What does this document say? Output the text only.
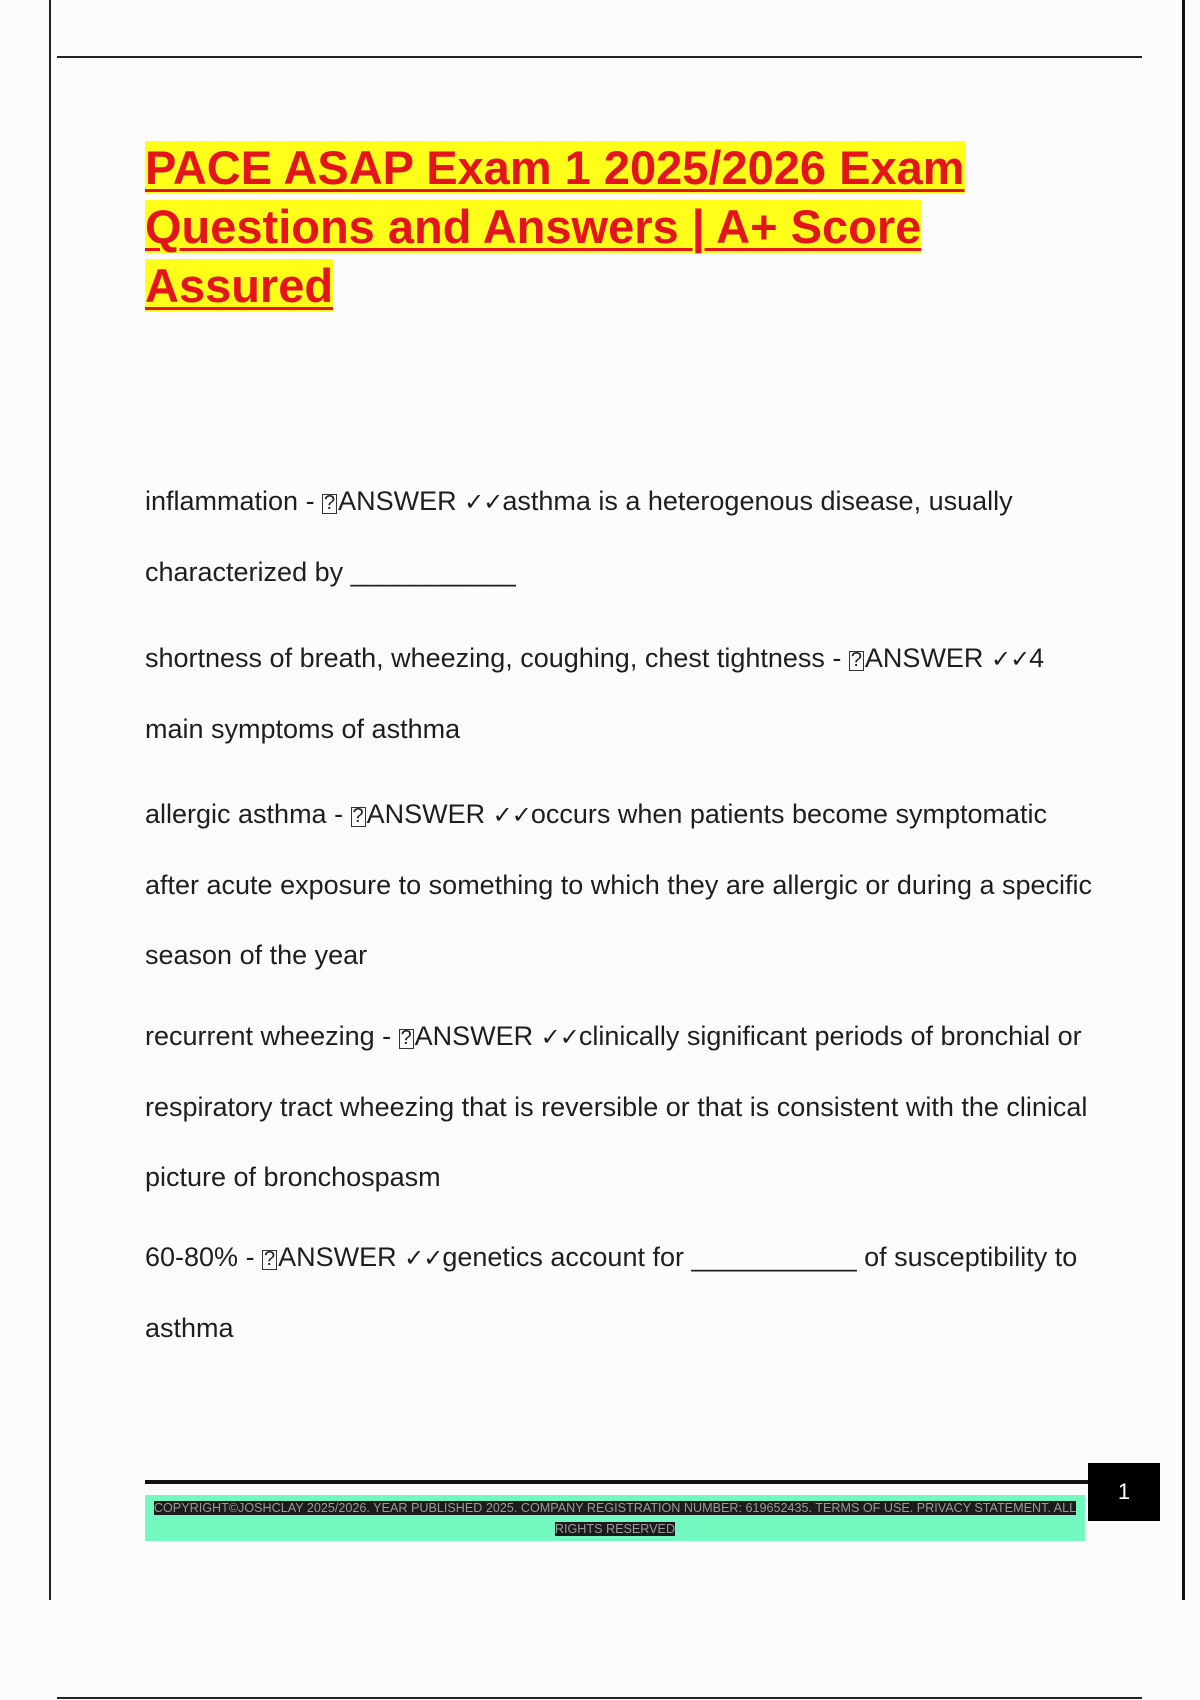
PACE ASAP Exam 1 2025/2026 Exam Questions and Answers | A+ Score Assured

inflammation - ? ANSWER ✓✓asthma is a heterogenous disease, usually characterized by ___________

shortness of breath, wheezing, coughing, chest tightness - ? ANSWER ✓✓4 main symptoms of asthma

allergic asthma - ? ANSWER ✓✓occurs when patients become symptomatic after acute exposure to something to which they are allergic or during a specific season of the year

recurrent wheezing - ? ANSWER ✓✓clinically significant periods of bronchial or respiratory tract wheezing that is reversible or that is consistent with the clinical picture of bronchospasm

60-80% - ? ANSWER ✓✓genetics account for ___________ of susceptibility to asthma

1
COPYRIGHT©JOSHCLAY 2025/2026. YEAR PUBLISHED 2025. COMPANY REGISTRATION NUMBER: 619652435. TERMS OF USE. PRIVACY STATEMENT. ALL RIGHTS RESERVED
